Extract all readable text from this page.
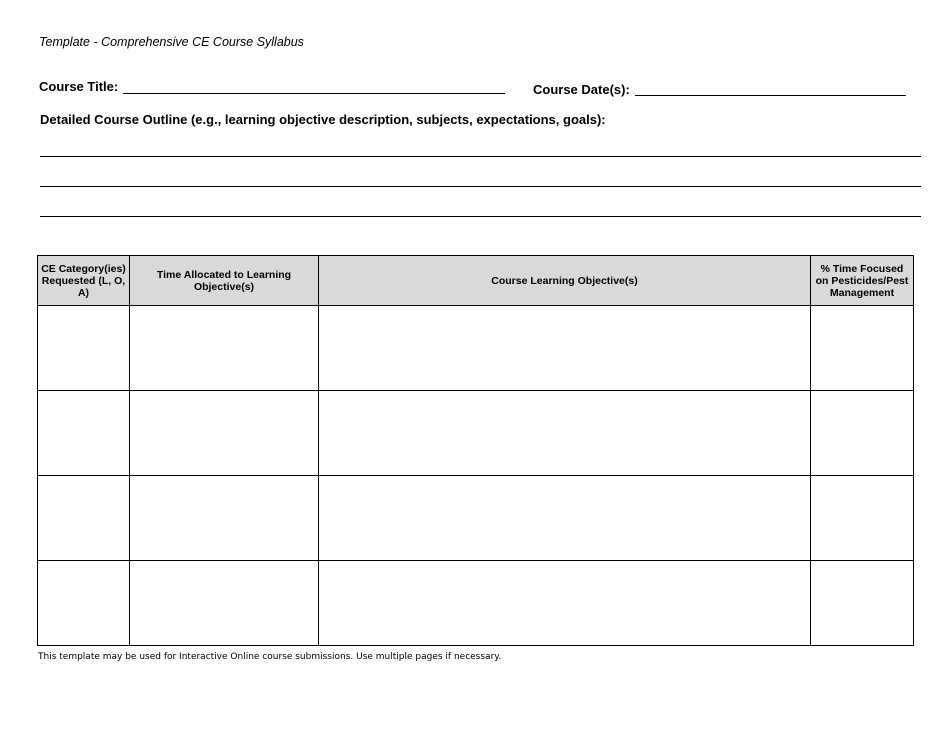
Template - Comprehensive CE Course Syllabus
Course Title:	Course Date(s):
Detailed Course Outline (e.g., learning objective description, subjects, expectations, goals):
CE Category(ies) Requested (L, O, A)	Time Allocated to Learning Objective(s)	Course Learning Objective(s)	% Time Focused on Pesticides/Pest Management

This template may be used for Interactive Online course submissions. Use multiple pages if necessary.
